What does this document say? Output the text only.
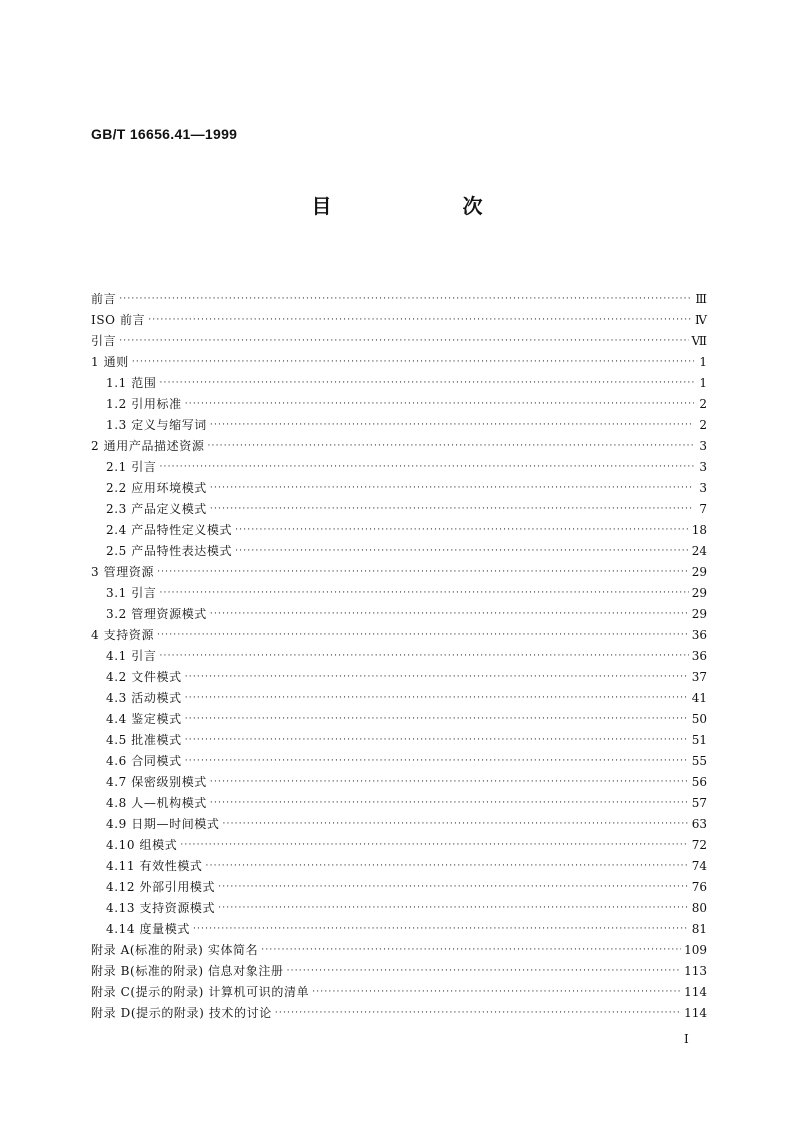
GB/T 16656.41—1999
目 次
前言 ·····	Ⅲ
ISO 前言 ·····	Ⅳ
引言 ·····	Ⅶ
1 通则 ·····	1
1.1 范围 ·····	1
1.2 引用标准 ·····	2
1.3 定义与缩写词 ·····	2
2 通用产品描述资源 ·····	3
2.1 引言 ·····	3
2.2 应用环境模式 ·····	3
2.3 产品定义模式 ·····	7
2.4 产品特性定义模式 ·····	18
2.5 产品特性表达模式 ·····	24
3 管理资源 ·····	29
3.1 引言 ·····	29
3.2 管理资源模式 ·····	29
4 支持资源 ·····	36
4.1 引言 ·····	36
4.2 文件模式 ·····	37
4.3 活动模式 ·····	41
4.4 鉴定模式 ·····	50
4.5 批准模式 ·····	51
4.6 合同模式 ·····	55
4.7 保密级别模式 ·····	56
4.8 人—机构模式 ·····	57
4.9 日期—时间模式 ·····	63
4.10 组模式 ·····	72
4.11 有效性模式 ·····	74
4.12 外部引用模式 ·····	76
4.13 支持资源模式 ·····	80
4.14 度量模式 ·····	81
附录 A(标准的附录) 实体简名 ·····	109
附录 B(标准的附录) 信息对象注册 ·····	113
附录 C(提示的附录) 计算机可识的清单 ·····	114
附录 D(提示的附录) 技术的讨论 ·····	114
I
